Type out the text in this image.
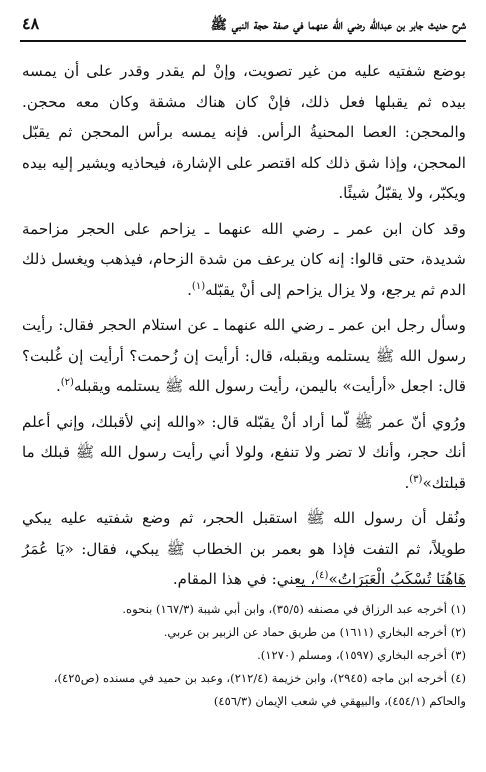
شرح حديث جابر بن عبدالله رضي الله عنهما في صفة حجة النبي ﷺ
٤٨

بوضع شفتيه عليه من غير تصويت، وإنْ لم يقدر وقدر على أن يمسه بيده ثم يقبلها فعل ذلك، فإنْ كان هناك مشقة وكان معه محجن. والمحجن: العصا المحنيةُ الرأس. فإنه يمسه برأس المحجن ثم يقبّل المحجن، وإذا شق ذلك كله اقتصر على الإشارة، فيحاذيه ويشير إليه بيده ويكبّر، ولا يقبّلُ شيئًا.

وقد كان ابن عمر ـ رضي الله عنهما ـ يزاحم على الحجر مزاحمة شديدة، حتى قالوا: إنه كان يرعف من شدة الزحام، فيذهب ويغسل ذلك الدم ثم يرجع، ولا يزال يزاحم إلى أنْ يقبّله$^{(١)}$.

وسأل رجل ابن عمر ـ رضي الله عنهما ـ عن استلام الحجر فقال: رأيت رسول الله ﷺ يستلمه ويقبله، قال: أرأيت إن زُحمت؟ أرأيت إن غُلبت؟ قال: اجعل «أرأيت» باليمن، رأيت رسول الله ﷺ يستلمه ويقبله$^{(٢)}$.

ورُوي أنّ عمر ﷺ لّما أراد أنْ يقبّله قال: «والله إني لأقبلك، وإني أعلم أنك حجر، وأنك لا تضر ولا تنفع، ولولا أني رأيت رسول الله ﷺ قبلك ما قبلتك»$^{(٣)}$.

ونُقل أن رسول الله ﷺ استقبل الحجر، ثم وضع شفتيه عليه يبكي طويلاً، ثم التفت فإذا هو بعمر بن الخطاب ﷺ يبكي، فقال: «يَا عُمَرُ هَاهُنَا تُسْكَبُ الْعَبَرَاتُ»$^{(٤)}$، يعني: في هذا المقام.

(١) أخرجه عبد الرزاق في مصنفه (٣٥/٥)، وابن أبي شيبة (١٦٧/٣) بنحوه.

(٢) أخرجه البخاري (١٦١١) من طريق حماد عن الزبير بن عربي.

(٣) أخرجه البخاري (١٥٩٧)، ومسلم (١٢٧٠).

(٤) أخرجه ابن ماجه (٢٩٤٥)، وابن خزيمة (٢١٢/٤)، وعبد بن حميد في مسنده (ص٤٢٥)، والحاكم (٤٥٤/١)، والبيهقي في شعب الإيمان (٤٥٦/٣)
